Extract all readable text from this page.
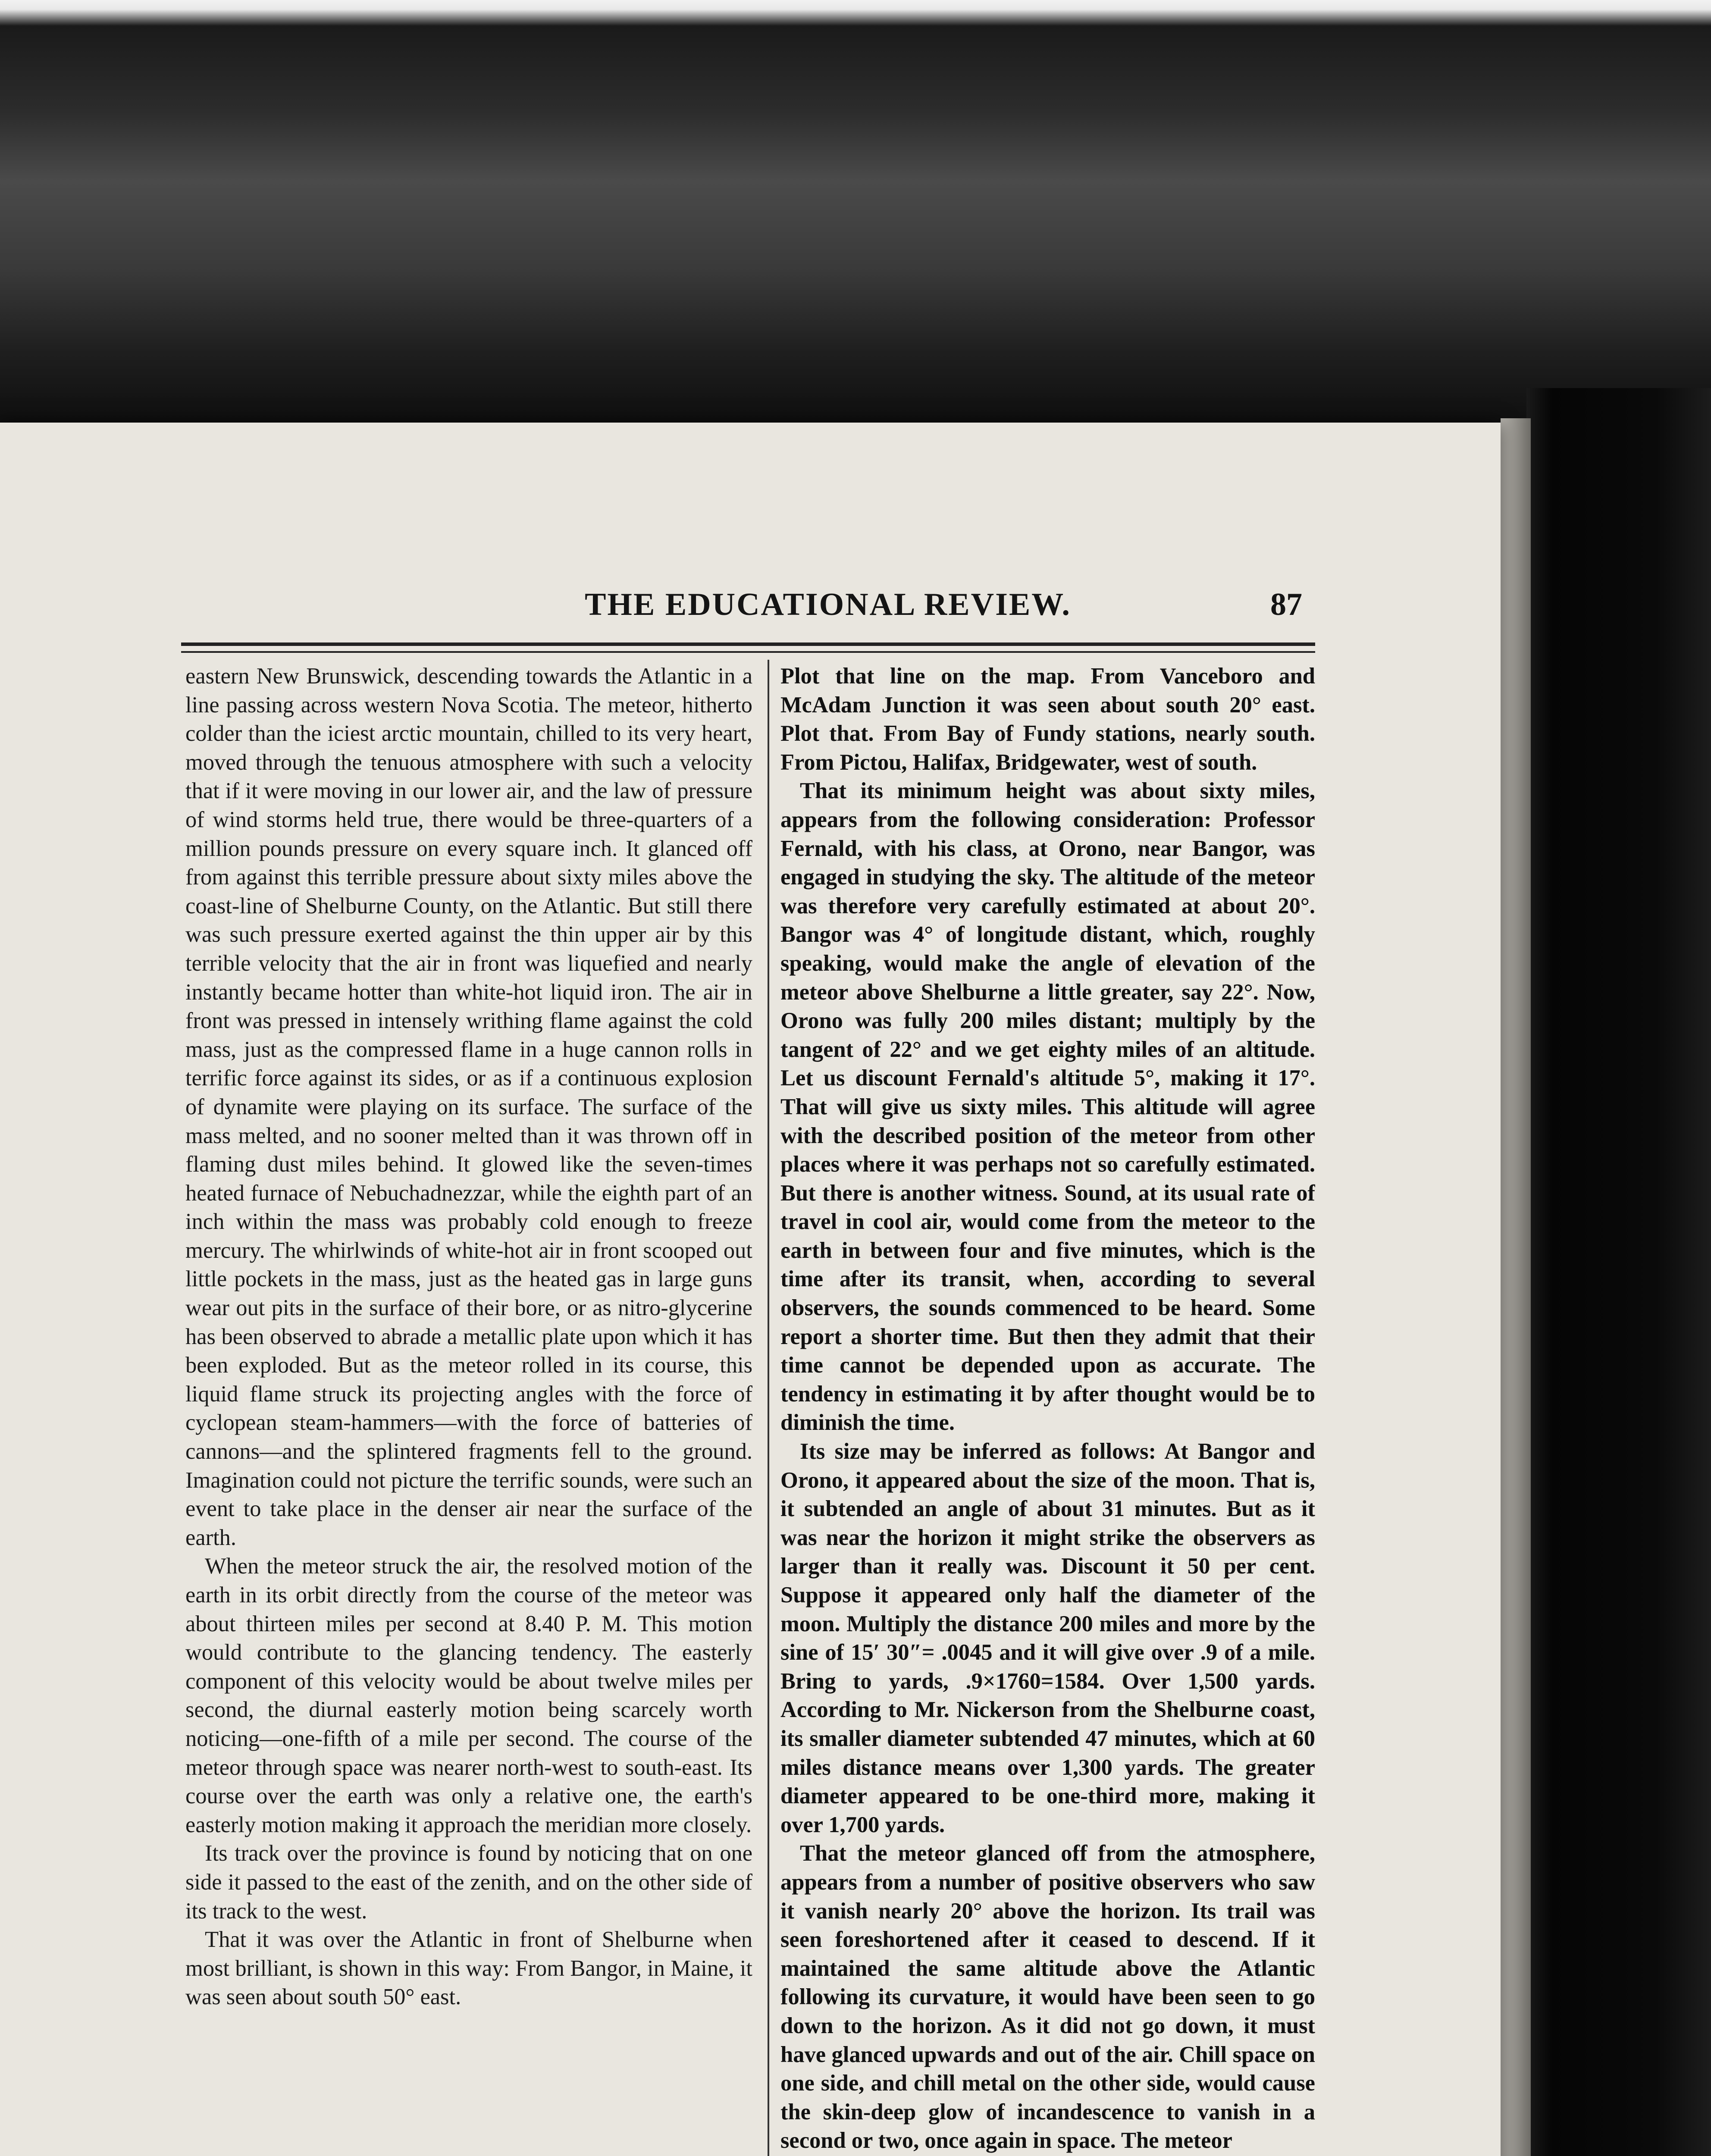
THE EDUCATIONAL REVIEW.	87

eastern New Brunswick, descending towards the Atlantic in a line passing across western Nova Scotia. The meteor, hitherto colder than the iciest arctic mountain, chilled to its very heart, moved through the tenuous atmosphere with such a velocity that if it were moving in our lower air, and the law of pressure of wind storms held true, there would be three-quarters of a million pounds pressure on every square inch. It glanced off from against this terrible pressure about sixty miles above the coast-line of Shelburne County, on the Atlantic. But still there was such pressure exerted against the thin upper air by this terrible velocity that the air in front was liquefied and nearly instantly became hotter than white-hot liquid iron. The air in front was pressed in intensely writhing flame against the cold mass, just as the compressed flame in a huge cannon rolls in terrific force against its sides, or as if a continuous explosion of dynamite were playing on its surface. The surface of the mass melted, and no sooner melted than it was thrown off in flaming dust miles behind. It glowed like the seven-times heated furnace of Nebuchadnezzar, while the eighth part of an inch within the mass was probably cold enough to freeze mercury. The whirlwinds of white-hot air in front scooped out little pockets in the mass, just as the heated gas in large guns wear out pits in the surface of their bore, or as nitro-glycerine has been observed to abrade a metallic plate upon which it has been exploded. But as the meteor rolled in its course, this liquid flame struck its projecting angles with the force of cyclopean steam-hammers—with the force of batteries of cannons—and the splintered fragments fell to the ground. Imagination could not picture the terrific sounds, were such an event to take place in the denser air near the surface of the earth.

When the meteor struck the air, the resolved motion of the earth in its orbit directly from the course of the meteor was about thirteen miles per second at 8.40 P. M. This motion would contribute to the glancing tendency. The easterly component of this velocity would be about twelve miles per second, the diurnal easterly motion being scarcely worth noticing—one-fifth of a mile per second. The course of the meteor through space was nearer north-west to south-east. Its course over the earth was only a relative one, the earth's easterly motion making it approach the meridian more closely.

Its track over the province is found by noticing that on one side it passed to the east of the zenith, and on the other side of its track to the west.

That it was over the Atlantic in front of Shelburne when most brilliant, is shown in this way: From Bangor, in Maine, it was seen about south 50° east.

Plot that line on the map. From Vanceboro and McAdam Junction it was seen about south 20° east. Plot that. From Bay of Fundy stations, nearly south. From Pictou, Halifax, Bridgewater, west of south.

That its minimum height was about sixty miles, appears from the following consideration: Professor Fernald, with his class, at Orono, near Bangor, was engaged in studying the sky. The altitude of the meteor was therefore very carefully estimated at about 20°. Bangor was 4° of longitude distant, which, roughly speaking, would make the angle of elevation of the meteor above Shelburne a little greater, say 22°. Now, Orono was fully 200 miles distant; multiply by the tangent of 22° and we get eighty miles of an altitude. Let us discount Fernald's altitude 5°, making it 17°. That will give us sixty miles. This altitude will agree with the described position of the meteor from other places where it was perhaps not so carefully estimated. But there is another witness. Sound, at its usual rate of travel in cool air, would come from the meteor to the earth in between four and five minutes, which is the time after its transit, when, according to several observers, the sounds commenced to be heard. Some report a shorter time. But then they admit that their time cannot be depended upon as accurate. The tendency in estimating it by after thought would be to diminish the time.

Its size may be inferred as follows: At Bangor and Orono, it appeared about the size of the moon. That is, it subtended an angle of about 31 minutes. But as it was near the horizon it might strike the observers as larger than it really was. Discount it 50 per cent. Suppose it appeared only half the diameter of the moon. Multiply the distance 200 miles and more by the sine of 15′ 30″= .0045 and it will give over .9 of a mile. Bring to yards, .9×1760=1584. Over 1,500 yards. According to Mr. Nickerson from the Shelburne coast, its smaller diameter subtended 47 minutes, which at 60 miles distance means over 1,300 yards. The greater diameter appeared to be one-third more, making it over 1,700 yards.

That the meteor glanced off from the atmosphere, appears from a number of positive observers who saw it vanish nearly 20° above the horizon. Its trail was seen foreshortened after it ceased to descend. If it maintained the same altitude above the Atlantic following its curvature, it would have been seen to go down to the horizon. As it did not go down, it must have glanced upwards and out of the air. Chill space on one side, and chill metal on the other side, would cause the skin-deep glow of incandescence to vanish in a second or two, once again in space. The meteor
